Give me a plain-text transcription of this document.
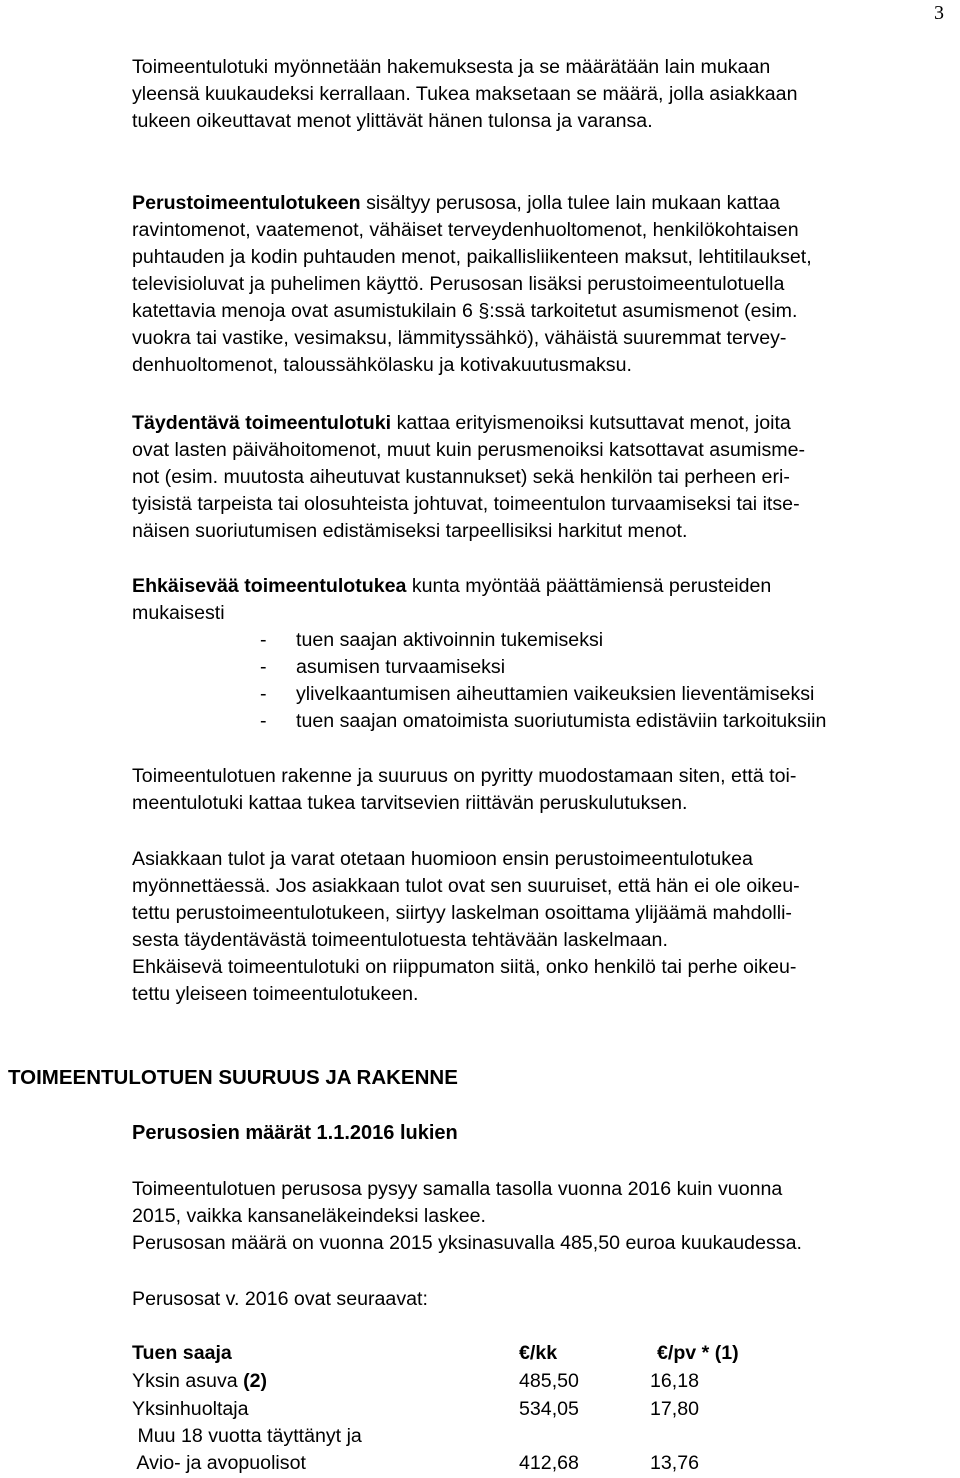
3

Toimeentulotuki myönnetään hakemuksesta ja se määrätään lain mukaan
yleensä kuukaudeksi kerrallaan. Tukea maksetaan se määrä, jolla asiakkaan
tukeen oikeuttavat menot ylittävät hänen tulonsa ja varansa.

Perustoimeentulotukeen sisältyy perusosa, jolla tulee lain mukaan kattaa
ravintomenot, vaatemenot, vähäiset terveydenhuoltomenot, henkilökohtaisen
puhtauden ja kodin puhtauden menot, paikallisliikenteen maksut, lehtitilaukset,
televisioluvat ja puhelimen käyttö. Perusosan lisäksi perustoimeentulotuella
katettavia menoja ovat asumistukilain 6 §:ssä tarkoitetut asumismenot (esim.
vuokra tai vastike, vesimaksu, lämmityssähkö), vähäistä suuremmat tervey-
denhuoltomenot, taloussähkölasku ja kotivakuutusmaksu.

Täydentävä toimeentulotuki kattaa erityismenoiksi kutsuttavat menot, joita
ovat lasten päivähoitomenot, muut kuin perusmenoiksi katsottavat asumisme-
not (esim. muutosta aiheutuvat kustannukset) sekä henkilön tai perheen eri-
tyisistä tarpeista tai olosuhteista johtuvat, toimeentulon turvaamiseksi tai itse-
näisen suoriutumisen edistämiseksi tarpeellisiksi harkitut menot.

Ehkäisevää toimeentulotukea kunta myöntää päättämiensä perusteiden
mukaisesti

- tuen saajan aktivoinnin tukemiseksi
- asumisen turvaamiseksi
- ylivelkaantumisen aiheuttamien vaikeuksien lieventämiseksi
- tuen saajan omatoimista suoriutumista edistäviin tarkoituksiin

Toimeentulotuen rakenne ja suuruus on pyritty muodostamaan siten, että toi-
meentulotuki kattaa tukea tarvitsevien riittävän peruskulutuksen.

Asiakkaan tulot ja varat otetaan huomioon ensin perustoimeentulotukea
myönnettäessä. Jos asiakkaan tulot ovat sen suuruiset, että hän ei ole oikeu-
tettu perustoimeentulotukeen, siirtyy laskelman osoittama ylijäämä mahdolli-
sesta täydentävästä toimeentulotuesta tehtävään laskelmaan.
Ehkäisevä toimeentulotuki on riippumaton siitä, onko henkilö tai perhe oikeu-
tettu yleiseen toimeentulotukeen.

TOIMEENTULOTUEN SUURUUS JA RAKENNE
Perusosien määrät 1.1.2016 lukien

Toimeentulotuen perusosa pysyy samalla tasolla vuonna 2016 kuin vuonna
2015, vaikka kansaneläkeindeksi laskee.
Perusosan määrä on vuonna 2015 yksinasuvalla 485,50 euroa kuukaudessa.

Perusosat v. 2016 ovat seuraavat:

Tuen saaja	€/kk	€/pv * (1)
Yksin asuva (2)	485,50	16,18
Yksinhuoltaja	534,05	17,80
Muu 18 vuotta täyttänyt ja
Avio- ja avopuolisot	412,68	13,76
